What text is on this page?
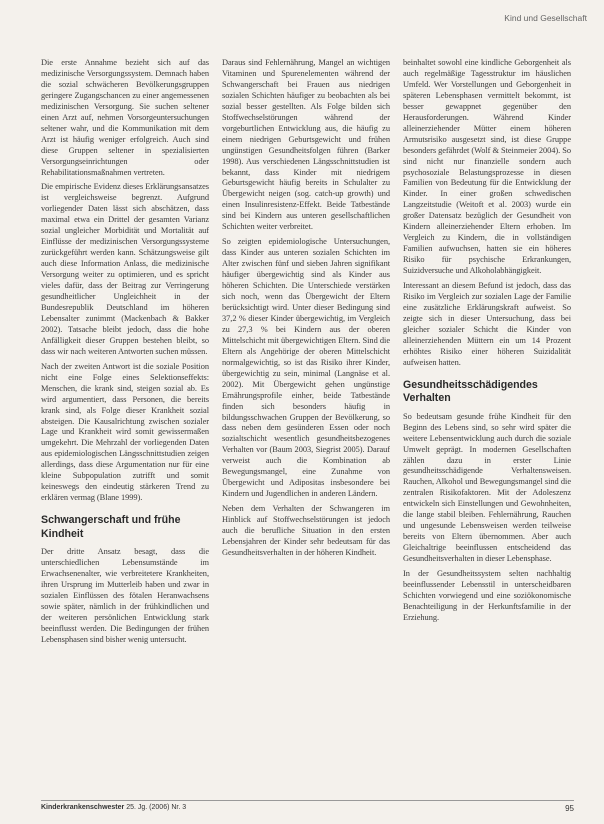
Kind und Gesellschaft

Die erste Annahme bezieht sich auf das medizinische Versorgungssystem. Demnach haben die sozial schwächeren Bevölkerungsgruppen geringere Zugangschancen zu einer angemessenen medizinischen Versorgung. Sie suchen seltener einen Arzt auf, nehmen Vorsorgeuntersuchungen seltener wahr, und die Kommunikation mit dem Arzt ist häufig weniger erfolgreich. Auch sind diese Gruppen seltener in spezialisierten Versorgungseinrichtungen oder Rehabilitationsmaßnahmen vertreten.

Die empirische Evidenz dieses Erklärungsansatzes ist vergleichsweise begrenzt. Aufgrund vorliegender Daten lässt sich abschätzen, dass maximal etwa ein Drittel der gesamten Varianz sozial ungleicher Morbidität und Mortalität auf Einflüsse der medizinischen Versorgungssysteme zurückgeführt werden kann. Schätzungsweise gilt auch diese Information Anlass, die medizinische Versorgung weiter zu optimieren, und es spricht vieles dafür, dass der Beitrag zur Verringerung gesundheitlicher Ungleichheit in der Bundesrepublik Deutschland im höheren Lebensalter zunimmt (Mackenbach & Bakker 2002). Tatsache bleibt jedoch, dass die hohe Anfälligkeit dieser Gruppen bestehen bleibt, so dass wir nach weiteren Antworten suchen müssen.

Nach der zweiten Antwort ist die soziale Position nicht eine Folge eines Selektionseffekts: Menschen, die krank sind, steigen sozial ab. Es wird argumentiert, dass Personen, die bereits krank sind, als Folge dieser Krankheit sozial absteigen. Die Kausalrichtung zwischen sozialer Lage und Krankheit wird somit gewissermaßen umgekehrt. Die Mehrzahl der vorliegenden Daten aus epidemiologischen Längsschnittstudien zeigen allerdings, dass diese Argumentation nur für eine kleine Subpopulation zutrifft und somit keineswegs den eindeutig stärkeren Trend zu erklären vermag (Blane 1999).

Schwangerschaft und frühe Kindheit

Der dritte Ansatz besagt, dass die unterschiedlichen Lebensumstände im Erwachsenenalter, wie verbreitetere Krankheiten, ihren Ursprung im Mutterleib haben und zwar in sozialen Einflüssen des fötalen Heranwachsens sowie später, nämlich in der frühkindlichen und der weiteren persönlichen Entwicklung stark beeinflusst werden. Die Bedingungen der frühen Lebensphasen sind bisher wenig untersucht.

Daraus sind Fehlernährung, Mangel an wichtigen Vitaminen und Spurenelementen während der Schwangerschaft bei Frauen aus niedrigen sozialen Schichten häufiger zu beobachten als bei sozial besser gestellten. Als Folge bilden sich Stoffwechselstörungen während der vorgeburtlichen Entwicklung aus, die häufig zu einem niedrigen Geburtsgewicht und frühen ungünstigen Gesundheitsfolgen führen (Barker 1998). Aus verschiedenen Längsschnittstudien ist bekannt, dass Kinder mit niedrigem Geburtsgewicht häufig bereits in Schulalter zu Übergewicht neigen (sog. catch-up growth) und einen Insulinresistenz-Effekt. Beide Tatbestände sind bei Kindern aus unteren gesellschaftlichen Schichten weiter verbreitet.

So zeigten epidemiologische Untersuchungen, dass Kinder aus unteren sozialen Schichten im Alter zwischen fünf und sieben Jahren signifikant häufiger übergewichtig sind als Kinder aus höheren Schichten. Die Unterschiede verstärken sich noch, wenn das Übergewicht der Eltern berücksichtigt wird. Unter dieser Bedingung sind 37,2 % dieser Kinder übergewichtig, im Vergleich zu 27,3 % bei Kindern aus der oberen Mittelschicht mit übergewichtigen Eltern. Sind die Eltern als Angehörige der oberen Mittelschicht normalgewichtig, so ist das Risiko ihrer Kinder, übergewichtig zu sein, minimal (Langnäse et al. 2002). Mit Übergewicht gehen ungünstige Ernährungsprofile einher, beide Tatbestände finden sich besonders häufig in bildungsschwachen Gruppen der Bevölkerung, so dass neben dem gesünderen Essen oder noch sozialtschicht wesentlich gesundheitsbezogenes Verhalten vor (Baum 2003, Siegrist 2005). Darauf verweist auch die Kombination ab Bewegungsmangel, eine Zunahme von Übergewicht und Adipositas insbesondere bei Kindern und Jugendlichen in anderen Ländern.

Neben dem Verhalten der Schwangeren im Hinblick auf Stoffwechselstörungen ist jedoch auch die berufliche Situation in den ersten Lebensjahren der Kinder sehr bedeutsam für das Gesundheitsverhalten in der höheren Kindheit.

beinhaltet sowohl eine kindliche Geborgenheit als auch regelmäßige Tagesstruktur im häuslichen Umfeld. Wer Vorstellungen und Geborgenheit in späteren Lebensphasen vermittelt bekommt, ist besser gewappnet gegenüber den Herausforderungen. Während Kinder alleinerziehender Mütter einem höheren Armutsrisiko ausgesetzt sind, ist diese Gruppe besonders gefährdet (Wolf & Steinmeier 2004). So sind nicht nur finanzielle sondern auch psychosoziale Belastungsprozesse in diesen Familien von Bedeutung für die Entwicklung der Kinder. In einer großen schwedischen Langzeitstudie (Weitoft et al. 2003) wurde ein großer Datensatz bezüglich der Gesundheit von Kindern alleinerziehender Eltern erhoben. Im Vergleich zu Kindern, die in vollständigen Familien aufwuchsen, hatten sie ein höheres Risiko für psychische Erkrankungen, Suizidversuche und Alkoholabhängigkeit.

Interessant an diesem Befund ist jedoch, dass das Risiko im Vergleich zur sozialen Lage der Familie eine zusätzliche Erklärungskraft aufweist. So zeigte sich in dieser Untersuchung, dass bei gleicher sozialer Schicht die Kinder von alleinerziehenden Müttern ein um 14 Prozent erhöhtes Risiko einer höheren Suizidalität aufweisen hatten.

Gesundheitsschädigendes Verhalten

So bedeutsam gesunde frühe Kindheit für den Beginn des Lebens sind, so sehr wird später die weitere Lebensentwicklung auch durch die soziale Umwelt geprägt. In modernen Gesellschaften zählen dazu in erster Linie gesundheitsschädigende Verhaltensweisen. Rauchen, Alkohol und Bewegungsmangel sind die zentralen Risikofaktoren. Mit der Adoleszenz entwickeln sich Einstellungen und Gewohnheiten, die lange stabil bleiben. Fehlernährung, Rauchen und ungesunde Lebensweisen werden teilweise bereits von Eltern übernommen. Aber auch Gleichaltrige beeinflussen entscheidend das Gesundheitsverhalten in dieser Lebensphase.

In der Gesundheitssystem selten nachhaltig beeinflussender Lebensstil in unterscheidbaren Schichten vorwiegend und eine soziökonomische Benachteiligung in der Herkunftsfamilie in der Erziehung.

Kinderkrankenschwester 25. Jg. (2006) Nr. 3	95
